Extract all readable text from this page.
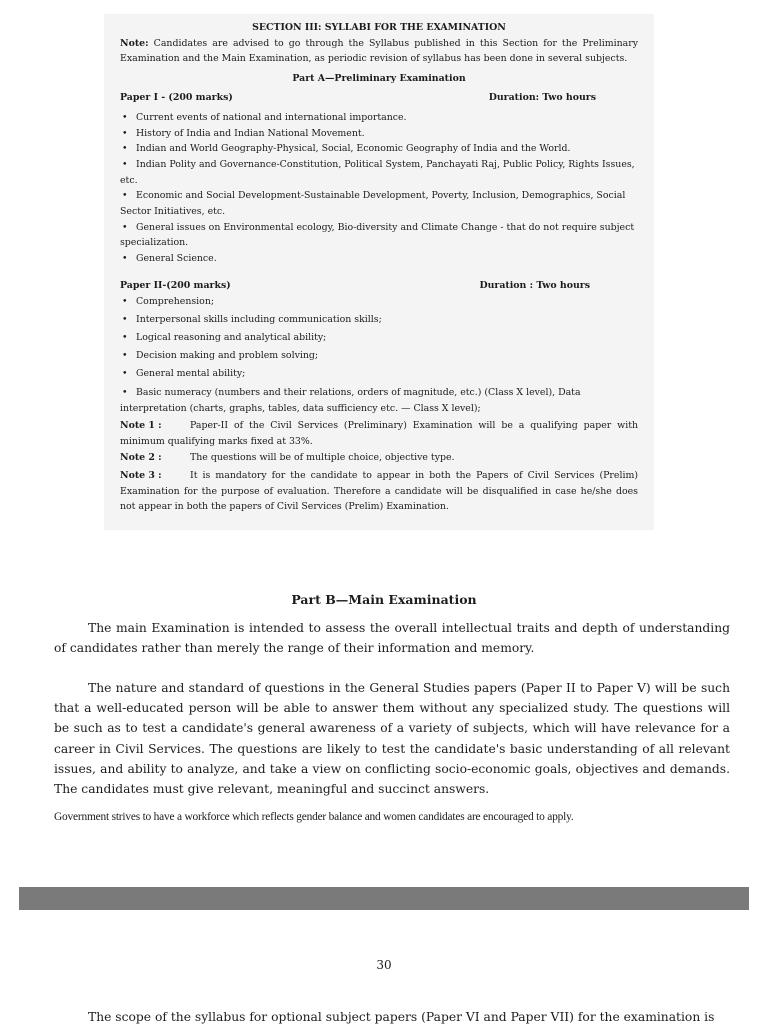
SECTION III: SYLLABI FOR THE EXAMINATION
Note: Candidates are advised to go through the Syllabus published in this Section for the Preliminary Examination and the Main Examination, as periodic revision of syllabus has been done in several subjects.
Part A—Preliminary Examination
Paper I - (200 marks)	Duration: Two hours
• Current events of national and international importance.
• History of India and Indian National Movement.
• Indian and World Geography-Physical, Social, Economic Geography of India and the World.
• Indian Polity and Governance-Constitution, Political System, Panchayati Raj, Public Policy, Rights Issues, etc.
• Economic and Social Development-Sustainable Development, Poverty, Inclusion, Demographics, Social Sector Initiatives, etc.
• General issues on Environmental ecology, Bio-diversity and Climate Change - that do not require subject specialization.
• General Science.
Paper II-(200 marks)	Duration : Two hours
• Comprehension;
• Interpersonal skills including communication skills;
• Logical reasoning and analytical ability;
• Decision making and problem solving;
• General mental ability;
• Basic numeracy (numbers and their relations, orders of magnitude, etc.) (Class X level), Data interpretation (charts, graphs, tables, data sufficiency etc. — Class X level);
Note 1 :	Paper-II of the Civil Services (Preliminary) Examination will be a qualifying paper with minimum qualifying marks fixed at 33%.
Note 2 :	The questions will be of multiple choice, objective type.
Note 3 :	It is mandatory for the candidate to appear in both the Papers of Civil Services (Prelim) Examination for the purpose of evaluation. Therefore a candidate will be disqualified in case he/she does not appear in both the papers of Civil Services (Prelim) Examination.
Part B—Main Examination
The main Examination is intended to assess the overall intellectual traits and depth of understanding of candidates rather than merely the range of their information and memory.
The nature and standard of questions in the General Studies papers (Paper II to Paper V) will be such that a well-educated person will be able to answer them without any specialized study. The questions will be such as to test a candidate's general awareness of a variety of subjects, which will have relevance for a career in Civil Services. The questions are likely to test the candidate's basic understanding of all relevant issues, and ability to analyze, and take a view on conflicting socio-economic goals, objectives and demands. The candidates must give relevant, meaningful and succinct answers.
Government strives to have a workforce which reflects gender balance and women candidates are encouraged to apply.
30
The scope of the syllabus for optional subject papers (Paper VI and Paper VII) for the examination is
